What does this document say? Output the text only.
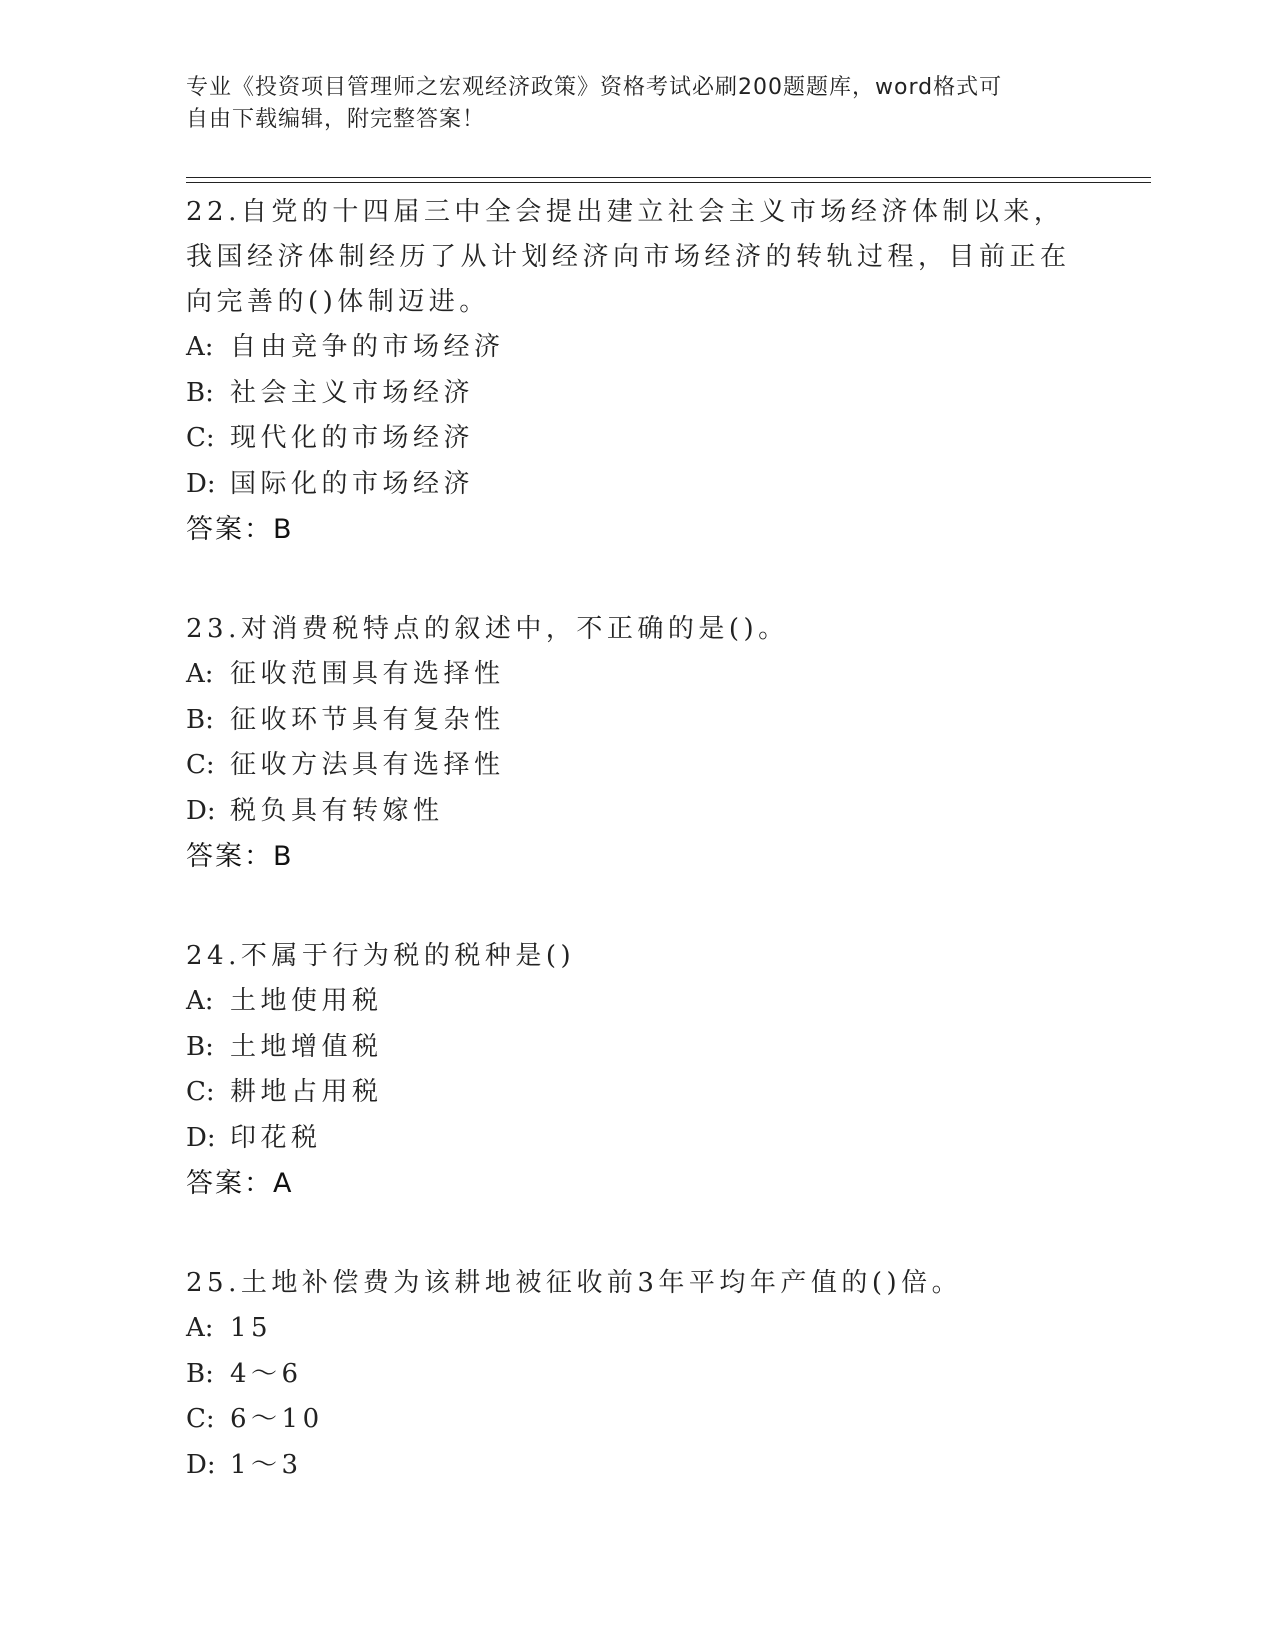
专业《投资项目管理师之宏观经济政策》资格考试必刷200题题库，word格式可
自由下载编辑，附完整答案！

22.自党的十四届三中全会提出建立社会主义市场经济体制以来，我国经济体制经历了从计划经济向市场经济的转轨过程，目前正在向完善的()体制迈进。

A: 自由竞争的市场经济

B: 社会主义市场经济

C: 现代化的市场经济

D: 国际化的市场经济

答案：B

23.对消费税特点的叙述中，不正确的是()。

A: 征收范围具有选择性

B: 征收环节具有复杂性

C: 征收方法具有选择性

D: 税负具有转嫁性

答案：B

24.不属于行为税的税种是()

A: 土地使用税

B: 土地增值税

C: 耕地占用税

D: 印花税

答案：A

25.土地补偿费为该耕地被征收前3年平均年产值的()倍。

A: 15

B: 4～6

C: 6～10

D: 1～3
